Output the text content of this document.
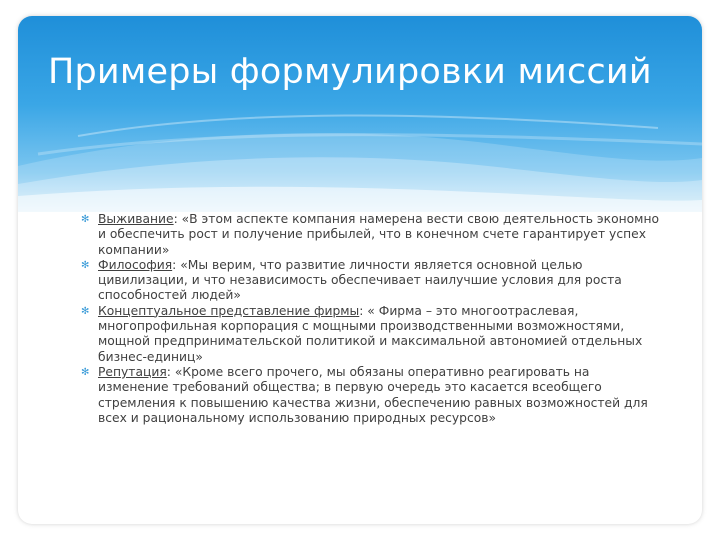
Примеры формулировки миссий
✻ Выживание: «В этом аспекте компания намерена вести свою деятельность экономно и обеспечить рост и получение прибылей, что в конечном счете гарантирует успех компании»
✻ Философия: «Мы верим, что развитие личности является основной целью цивилизации, и что независимость обеспечивает наилучшие условия для роста способностей людей»
✻ Концептуальное представление фирмы: « Фирма – это многоотраслевая, многопрофильная корпорация с мощными производственными возможностями, мощной предпринимательской политикой и максимальной автономией отдельных бизнес-единиц»
✻ Репутация: «Кроме всего прочего, мы обязаны оперативно реагировать на изменение требований общества; в первую очередь это касается всеобщего стремления к повышению качества жизни, обеспечению равных возможностей для всех и рациональному использованию природных ресурсов»
